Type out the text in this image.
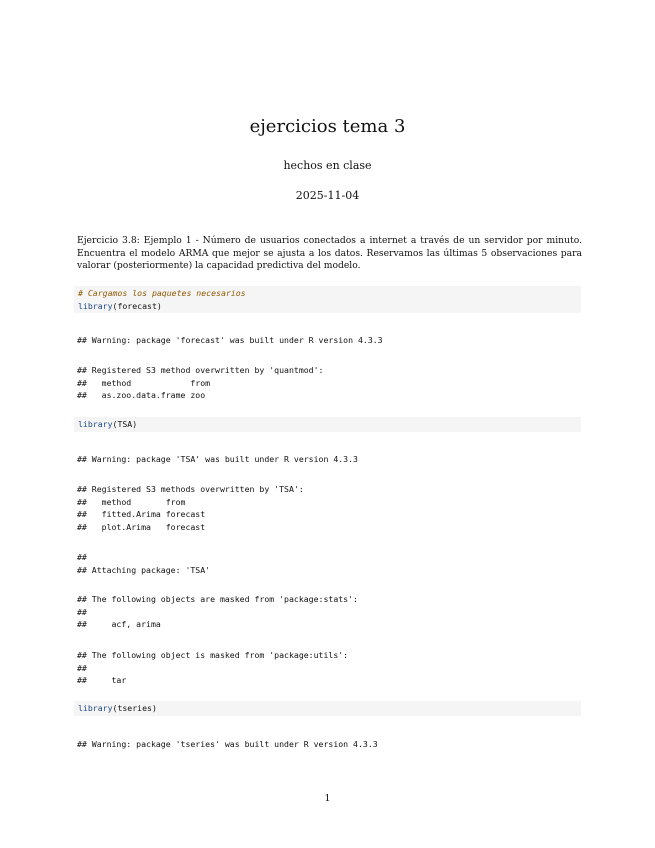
ejercicios tema 3
hechos en clase
2025-11-04
Ejercicio 3.8: Ejemplo 1 - Número de usuarios conectados a internet a través de un servidor por minuto. Encuentra el modelo ARMA que mejor se ajusta a los datos. Reservamos las últimas 5 observaciones para valorar (posteriormente) la capacidad predictiva del modelo.
# Cargamos los paquetes necesarios
library(forecast)
## Warning: package 'forecast' was built under R version 4.3.3
## Registered S3 method overwritten by 'quantmod':
##   method            from
##   as.zoo.data.frame zoo
library(TSA)
## Warning: package 'TSA' was built under R version 4.3.3
## Registered S3 methods overwritten by 'TSA':
##   method       from
##   fitted.Arima forecast
##   plot.Arima   forecast
##
## Attaching package: 'TSA'
## The following objects are masked from 'package:stats':
##
##     acf, arima
## The following object is masked from 'package:utils':
##
##     tar
library(tseries)
## Warning: package 'tseries' was built under R version 4.3.3
1
